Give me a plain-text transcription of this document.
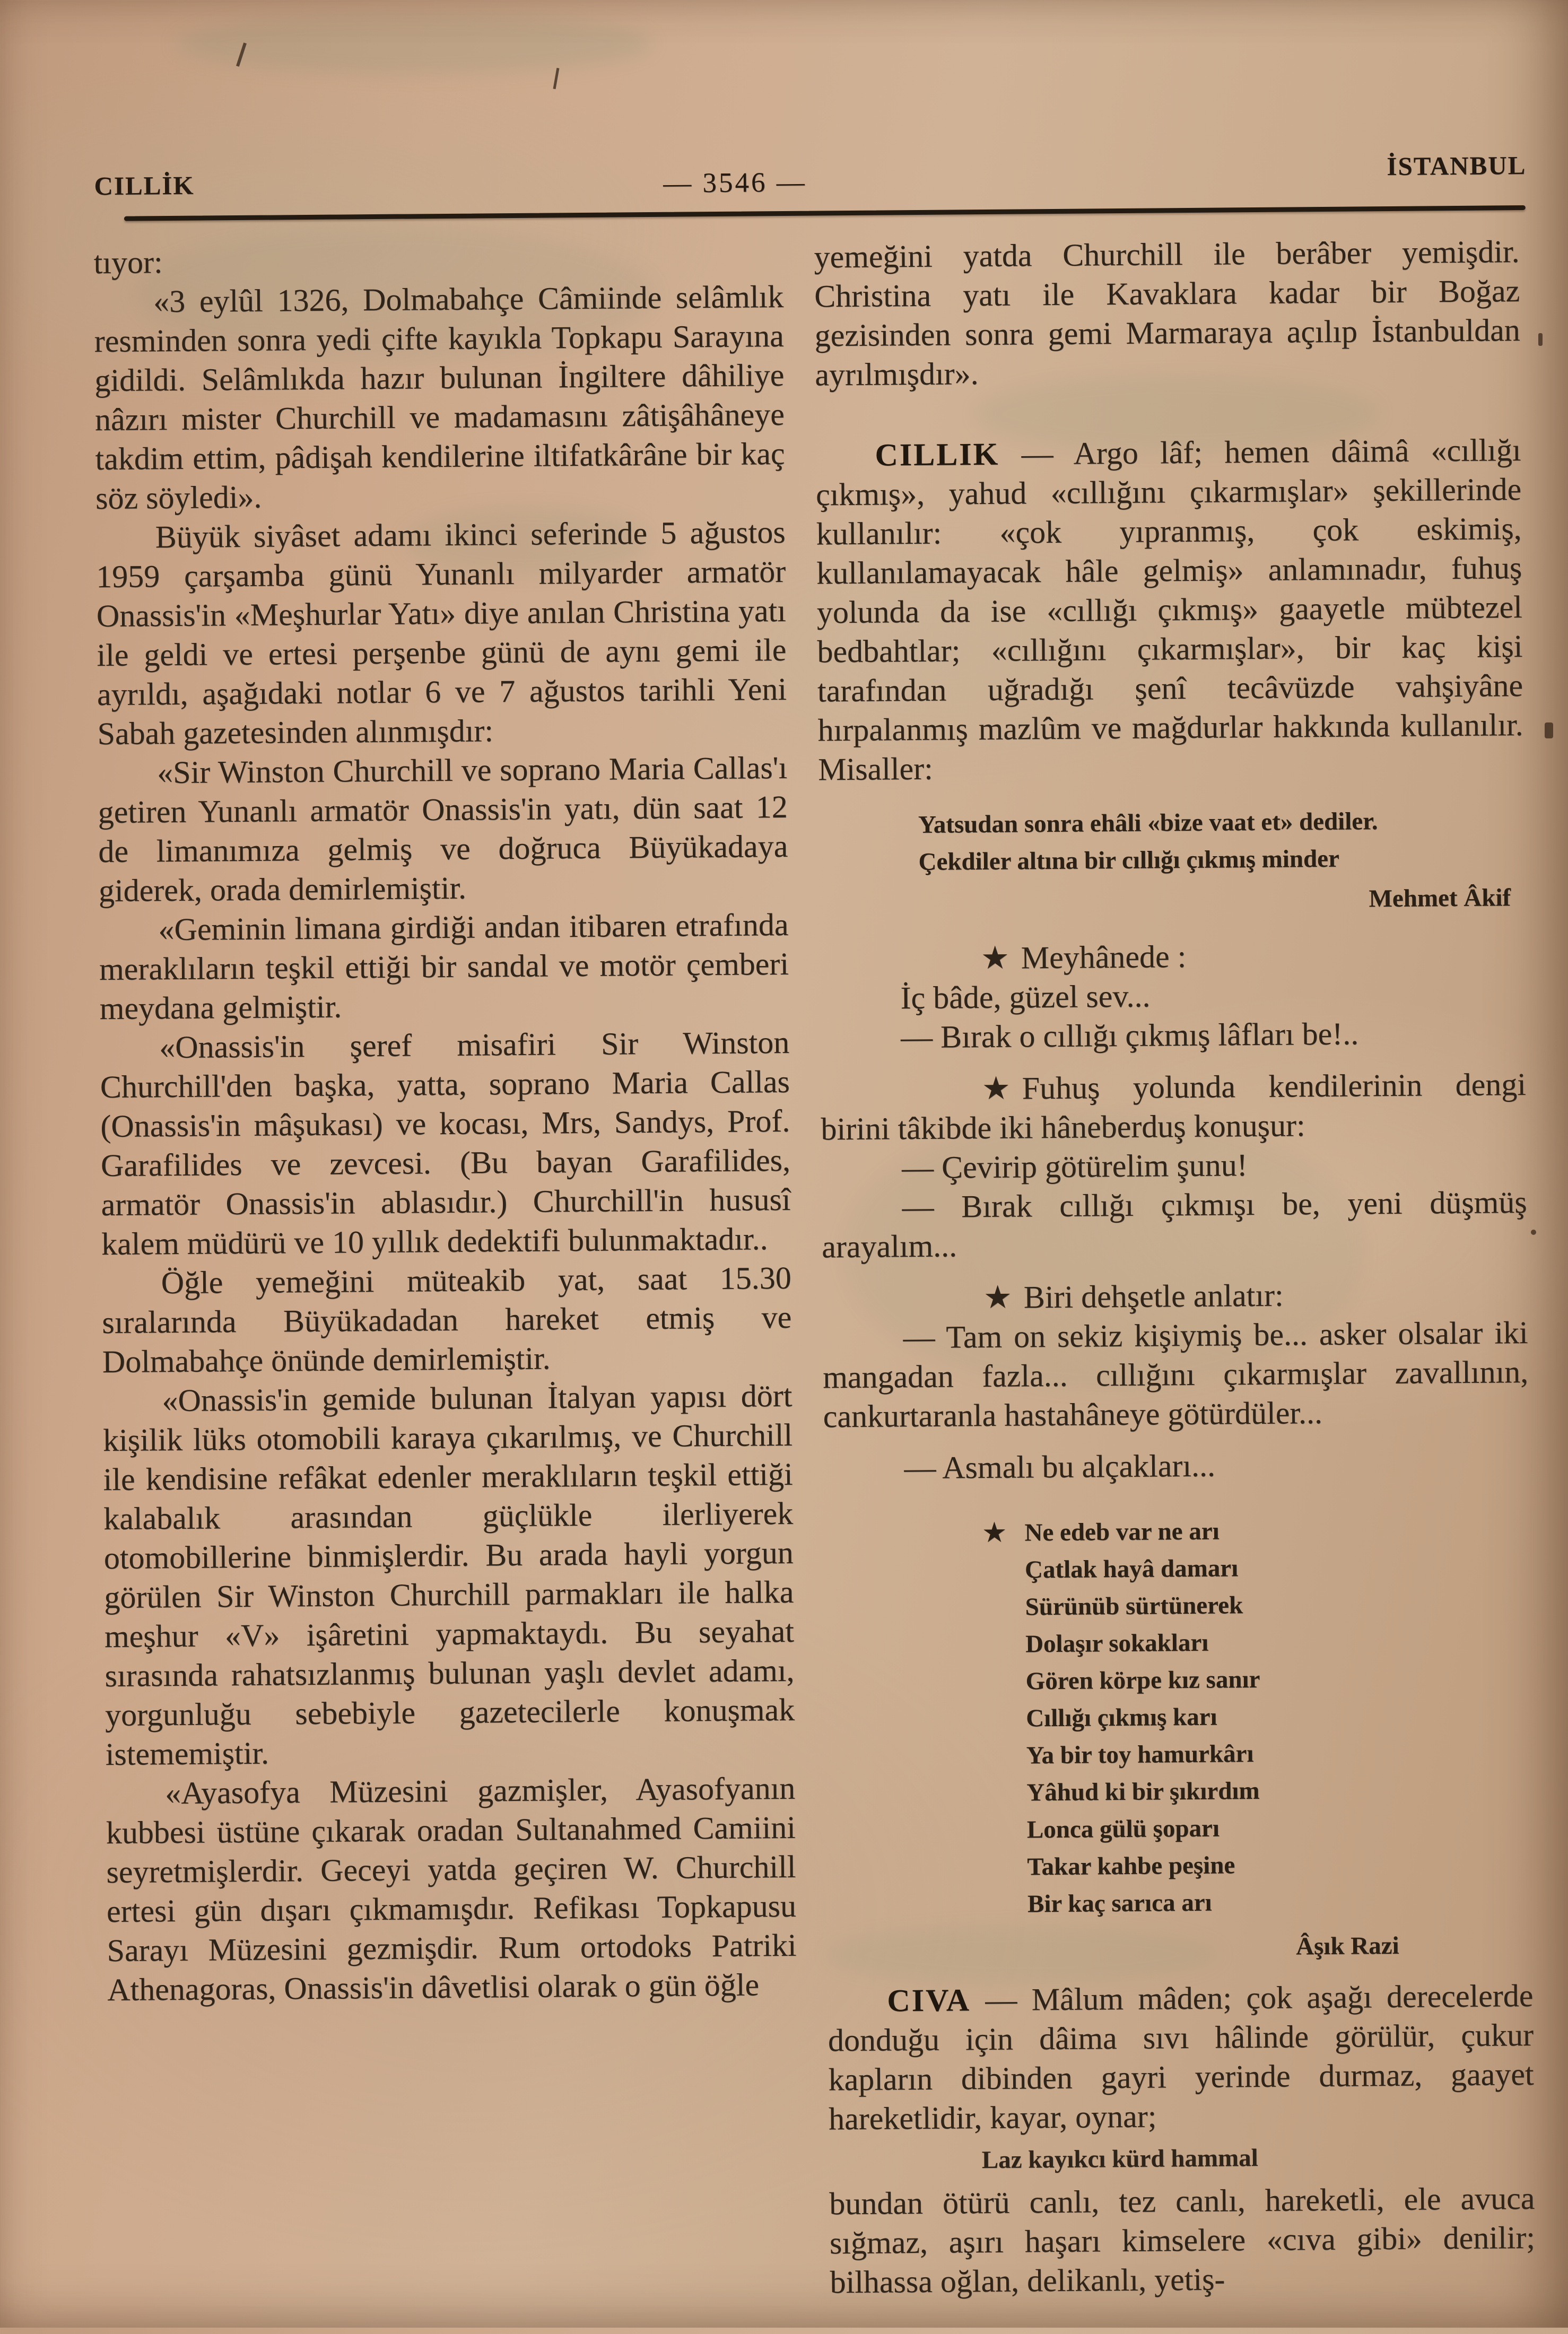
CILLİK	— 3546 —
İSTANBUL

tıyor:

«3 eylûl 1326, Dolmabahçe Câmiinde selâmlık resminden sonra yedi çifte kayıkla Topkapu Sarayına gidildi. Selâmlıkda hazır bulunan İngiltere dâhiliye nâzırı mister Churchill ve madamasını zâtişâhâneye takdim ettim, pâdişah kendilerine iltifatkârâne bir kaç söz söyledi».

Büyük siyâset adamı ikinci seferinde 5 ağustos 1959 çarşamba günü Yunanlı milyarder armatör Onassis'in «Meşhurlar Yatı» diye anılan Christina yatı ile geldi ve ertesi perşenbe günü de aynı gemi ile ayrıldı, aşağıdaki notlar 6 ve 7 ağustos tarihli Yeni Sabah gazetesinden alınmışdır:

«Sir Winston Churchill ve soprano Maria Callas'ı getiren Yunanlı armatör Onassis'in yatı, dün saat 12 de limanımıza gelmiş ve doğruca Büyükadaya giderek, orada demirlemiştir.

«Geminin limana girdiği andan itibaren etrafında meraklıların teşkil ettiği bir sandal ve motör çemberi meydana gelmiştir.

«Onassis'in şeref misafiri Sir Winston Churchill'den başka, yatta, soprano Maria Callas (Onassis'in mâşukası) ve kocası, Mrs, Sandys, Prof. Garafilides ve zevcesi. (Bu bayan Garafilides, armatör Onassis'in ablasıdır.) Churchill'in hususî kalem müdürü ve 10 yıllık dedektifi bulunmaktadır..

Öğle yemeğini müteakib yat, saat 15.30 sıralarında Büyükadadan hareket etmiş ve Dolmabahçe önünde demirlemiştir.

«Onassis'in gemide bulunan İtalyan yapısı dört kişilik lüks otomobili karaya çıkarılmış, ve Churchill ile kendisine refâkat edenler meraklıların teşkil ettiği kalabalık arasından güçlükle ilerliyerek otomobillerine binmişlerdir. Bu arada hayli yorgun görülen Sir Winston Churchill parmakları ile halka meşhur «V» işâretini yapmaktaydı. Bu seyahat sırasında rahatsızlanmış bulunan yaşlı devlet adamı, yorgunluğu sebebiyle gazetecilerle konuşmak istememiştir.

«Ayasofya Müzesini gazmişler, Ayasofyanın kubbesi üstüne çıkarak oradan Sultanahmed Camiini seyretmişlerdir. Geceyi yatda geçiren W. Churchill ertesi gün dışarı çıkmamışdır. Refikası Topkapusu Sarayı Müzesini gezmişdir. Rum ortodoks Patriki Athenagoras, Onassis'in dâvetlisi olarak o gün öğle

yemeğini yatda Churchill ile berâber yemişdir. Christina yatı ile Kavaklara kadar bir Boğaz gezisinden sonra gemi Marmaraya açılıp İstanbuldan ayrılmışdır».

CILLIK — Argo lâf; hemen dâimâ «cıllığı çıkmış», yahud «cıllığını çıkarmışlar» şekillerinde kullanılır: «çok yıpranmış, çok eskimiş, kullanılamayacak hâle gelmiş» anlamınadır, fuhuş yolunda da ise «cıllığı çıkmış» gaayetle mübtezel bedbahtlar; «cıllığını çıkarmışlar», bir kaç kişi tarafından uğradığı şenî tecâvüzde vahşiyâne hırpalanmış mazlûm ve mağdurlar hakkında kullanılır. Misaller:

Yatsudan sonra ehâli «bize vaat et» dediler.

Çekdiler altına bir cıllığı çıkmış minder

Mehmet Âkif

★ Meyhânede :

İç bâde, güzel sev...

— Bırak o cıllığı çıkmış lâfları be!..

★ Fuhuş yolunda kendilerinin dengi birini tâkibde iki hâneberduş konuşur:

— Çevirip götürelim şunu!

— Bırak cıllığı çıkmışı be, yeni düşmüş arayalım...

★ Biri dehşetle anlatır:

— Tam on sekiz kişiymiş be... asker olsalar iki mangadan fazla... cıllığını çıkarmışlar zavallının, cankurtaranla hastahâneye götürdüler...

— Asmalı bu alçakları...

★ Ne edeb var ne arı

Çatlak hayâ damarı

Sürünüb sürtünerek

Dolaşır sokakları

Gören körpe kız sanır

Cıllığı çıkmış karı

Ya bir toy hamurkârı

Yâhud ki bir şıkırdım

Lonca gülü şoparı

Takar kahbe peşine

Bir kaç sarıca arı

Âşık Razi

CIVA — Mâlum mâden; çok aşağı derecelerde donduğu için dâima sıvı hâlinde görülür, çukur kapların dibinden gayri yerinde durmaz, gaayet hareketlidir, kayar, oynar;

Laz kayıkcı kürd hammal

bundan ötürü canlı, tez canlı, hareketli, ele avuca sığmaz, aşırı haşarı kimselere «cıva gibi» denilir; bilhassa oğlan, delikanlı, yetiş-
